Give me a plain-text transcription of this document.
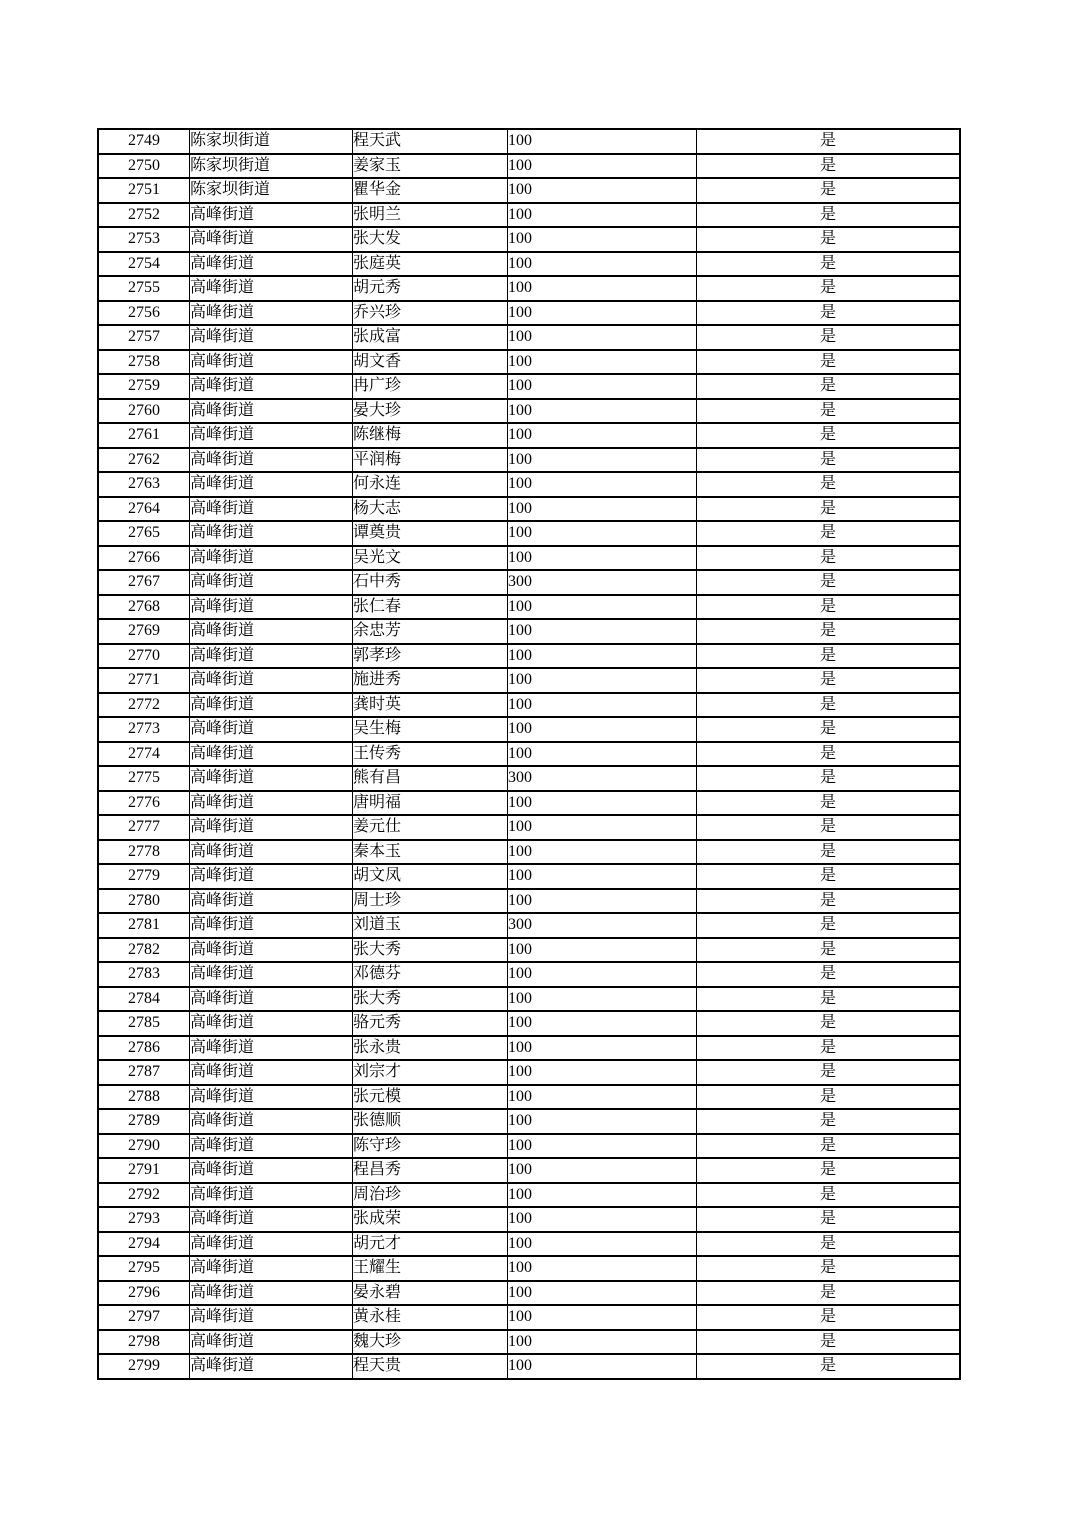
2749	陈家坝街道	程天武	100	是
2750	陈家坝街道	姜家玉	100	是
2751	陈家坝街道	瞿华金	100	是
2752	高峰街道	张明兰	100	是
2753	高峰街道	张大发	100	是
2754	高峰街道	张庭英	100	是
2755	高峰街道	胡元秀	100	是
2756	高峰街道	乔兴珍	100	是
2757	高峰街道	张成富	100	是
2758	高峰街道	胡文香	100	是
2759	高峰街道	冉广珍	100	是
2760	高峰街道	晏大珍	100	是
2761	高峰街道	陈继梅	100	是
2762	高峰街道	平润梅	100	是
2763	高峰街道	何永连	100	是
2764	高峰街道	杨大志	100	是
2765	高峰街道	谭奠贵	100	是
2766	高峰街道	吴光文	100	是
2767	高峰街道	石中秀	300	是
2768	高峰街道	张仁春	100	是
2769	高峰街道	余忠芳	100	是
2770	高峰街道	郭孝珍	100	是
2771	高峰街道	施进秀	100	是
2772	高峰街道	龚时英	100	是
2773	高峰街道	吴生梅	100	是
2774	高峰街道	王传秀	100	是
2775	高峰街道	熊有昌	300	是
2776	高峰街道	唐明福	100	是
2777	高峰街道	姜元仕	100	是
2778	高峰街道	秦本玉	100	是
2779	高峰街道	胡文凤	100	是
2780	高峰街道	周士珍	100	是
2781	高峰街道	刘道玉	300	是
2782	高峰街道	张大秀	100	是
2783	高峰街道	邓德芬	100	是
2784	高峰街道	张大秀	100	是
2785	高峰街道	骆元秀	100	是
2786	高峰街道	张永贵	100	是
2787	高峰街道	刘宗才	100	是
2788	高峰街道	张元模	100	是
2789	高峰街道	张德顺	100	是
2790	高峰街道	陈守珍	100	是
2791	高峰街道	程昌秀	100	是
2792	高峰街道	周治珍	100	是
2793	高峰街道	张成荣	100	是
2794	高峰街道	胡元才	100	是
2795	高峰街道	王耀生	100	是
2796	高峰街道	晏永碧	100	是
2797	高峰街道	黄永桂	100	是
2798	高峰街道	魏大珍	100	是
2799	高峰街道	程天贵	100	是
